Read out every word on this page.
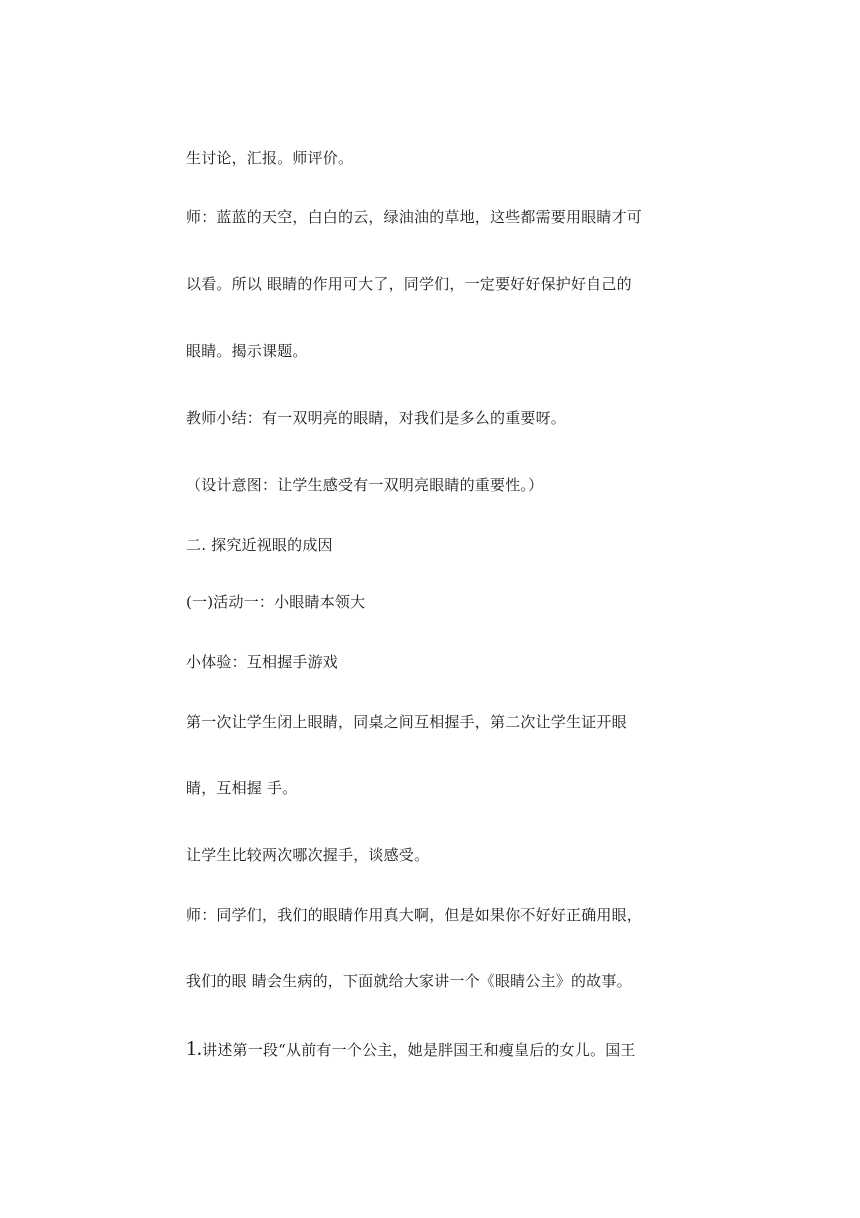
生讨论，汇报。师评价。

师：蓝蓝的天空，白白的云，绿油油的草地，这些都需要用眼睛才可

以看。所以 眼睛的作用可大了，同学们，一定要好好保护好自己的

眼睛。揭示课题。

教师小结：有一双明亮的眼睛，对我们是多么的重要呀。

（设计意图：让学生感受有一双明亮眼睛的重要性。）

二. 探究近视眼的成因

(一)活动一：小眼睛本领大

小体验：互相握手游戏

第一次让学生闭上眼睛，同桌之间互相握手，第二次让学生证开眼

睛，互相握 手。

让学生比较两次哪次握手，谈感受。

师：同学们，我们的眼睛作用真大啊，但是如果你不好好正确用眼，

我们的眼 睛会生病的，下面就给大家讲一个《眼睛公主》的故事。

1.讲述第一段“从前有一个公主，她是胖国王和瘦皇后的女儿。国王
